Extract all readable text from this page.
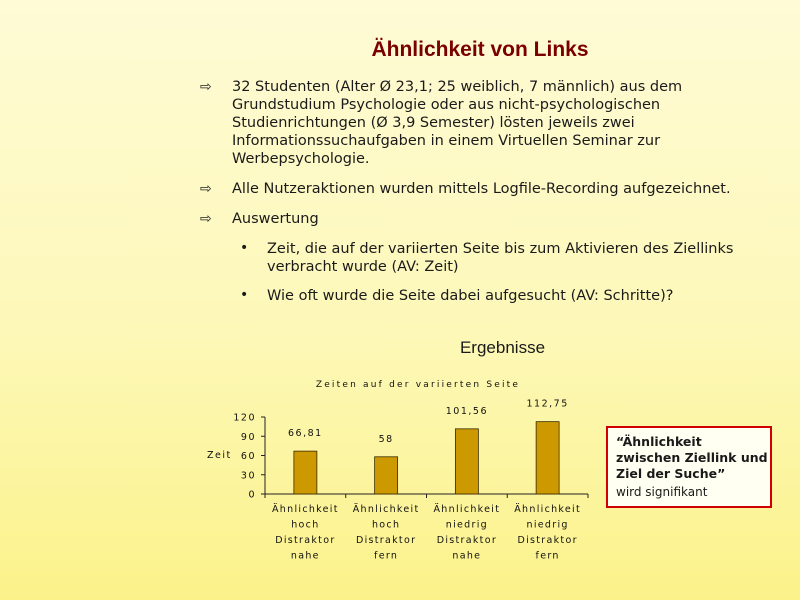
Ähnlichkeit von Links
⇨ 32 Studenten (Alter Ø 23,1; 25 weiblich, 7 männlich) aus dem Grundstudium Psychologie oder aus nicht-psychologischen Studienrichtungen (Ø 3,9 Semester) lösten jeweils zwei Informationssuchaufgaben in einem Virtuellen Seminar zur Werbepsychologie.
⇨ Alle Nutzeraktionen wurden mittels Logfile-Recording aufgezeichnet.
⇨ Auswertung
• Zeit, die auf der variierten Seite bis zum Aktivieren des Ziellinks verbracht wurde (AV: Zeit)
• Wie oft wurde die Seite dabei aufgesucht (AV: Schritte)?
Ergebnisse
Zeiten auf der variierten Seite
Zeit
0
30
60
90
120
66,81
Ähnlichkeit hoch Distraktor nahe
58
Ähnlichkeit hoch Distraktor fern
101,56
Ähnlichkeit niedrig Distraktor nahe
112,75
Ähnlichkeit niedrig Distraktor fern
“Ähnlichkeit zwischen Ziellink und Ziel der Suche”
wird signifikant
